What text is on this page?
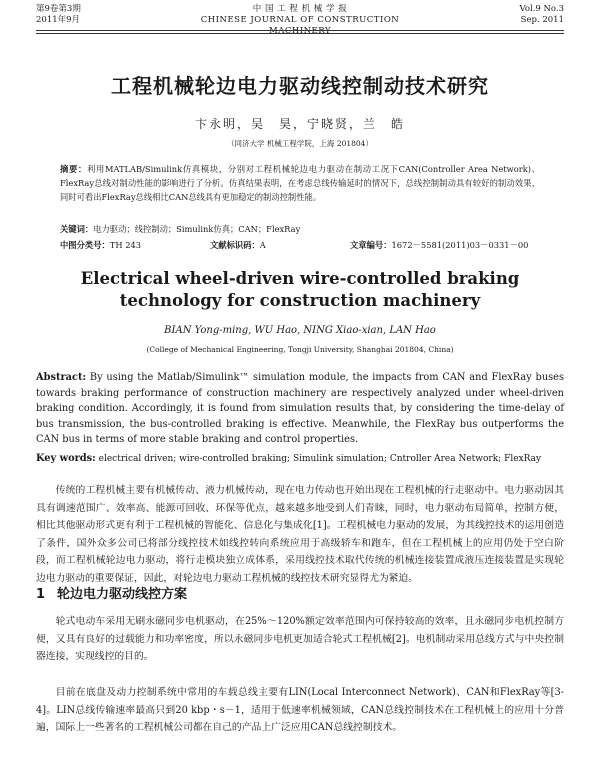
第9卷第3期
2011年9月
中 国 工 程 机 械 学 报
CHINESE JOURNAL OF CONSTRUCTION MACHINERY
Vol.9 No.3
Sep. 2011
工程机械轮边电力驱动线控制动技术研究
卞永明，吴　昊，宁晓贤，兰　皓
（同济大学 机械工程学院，上海 201804）
摘要：利用MATLAB/Simulink仿真模块，分别对工程机械轮边电力驱动在制动工况下CAN(Controller Area Network)、FlexRay总线对制动性能的影响进行了分析。仿真结果表明，在考虑总线传输延时的情况下，总线控制制动具有较好的制动效果，同时可看出FlexRay总线相比CAN总线具有更加稳定的制动控制性能。
关键词：电力驱动；线控制动；Simulink仿真；CAN；FlexRay
中图分类号：TH 243	文献标识码：A	文章编号：1672－5581(2011)03－0331－00
Electrical wheel-driven wire-controlled braking
technology for construction machinery
BIAN Yong-ming, WU Hao, NING Xiao-xian, LAN Hao
(College of Mechanical Engineering, Tongji University, Shanghai 201804, China)
Abstract: By using the Matlab/Simulink™ simulation module, the impacts from CAN and FlexRay buses towards braking performance of construction machinery are respectively analyzed under wheel-driven braking condition. Accordingly, it is found from simulation results that, by considering the time-delay of bus transmission, the bus-controlled braking is effective. Meanwhile, the FlexRay bus outperforms the CAN bus in terms of more stable braking and control properties.
Key words: electrical driven; wire-controlled braking; Simulink simulation; Cntroller Area Network; FlexRay
传统的工程机械主要有机械传动、液力机械传动，现在电力传动也开始出现在工程机械的行走驱动中。电力驱动因其具有调速范围广、效率高、能源可回收、环保等优点，越来越多地受到人们青睐，同时，电力驱动布局简单，控制方便，相比其他驱动形式更有利于工程机械的智能化、信息化与集成化[1]。工程机械电力驱动的发展，为其线控技术的运用创造了条件，国外众多公司已将部分线控技术如线控转向系统应用于高级轿车和跑车，但在工程机械上的应用仍处于空白阶段，而工程机械轮边电力驱动，将行走模块独立成体系，采用线控技术取代传统的机械连接装置成液压连接装置是实现轮边电力驱动的重要保证，因此，对轮边电力驱动工程机械的线控技术研究显得尤为紧迫。
1 轮边电力驱动线控方案
轮式电动车采用无刷永磁同步电机驱动，在25%～120%额定效率范围内可保持较高的效率，且永磁同步电机控制方便，又具有良好的过载能力和功率密度，所以永磁同步电机更加适合轮式工程机械[2]。电机制动采用总线方式与中央控制器连接，实现线控的目的。
目前在底盘及动力控制系统中常用的车载总线主要有LIN(Local Interconnect Network)、CAN和FlexRay等[3-4]。LIN总线传输速率最高只到20 kbp・s－1，适用于低速率机械领域，CAN总线控制技术在工程机械上的应用十分普遍，国际上一些著名的工程机械公司都在自己的产品上广泛应用CAN总线控制技术。
